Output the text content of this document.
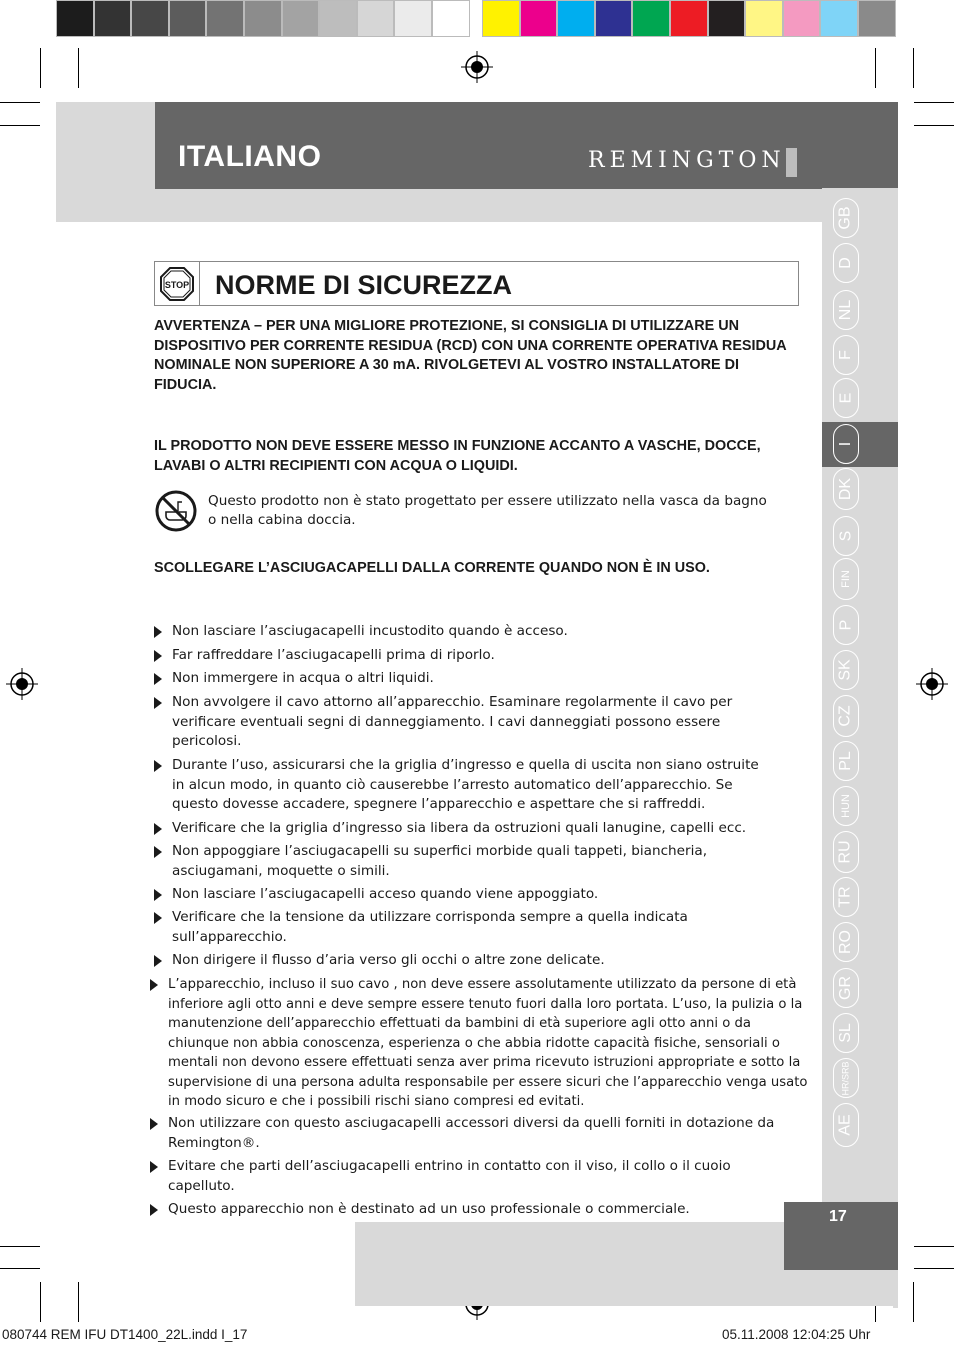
ITALIANO	REMINGTON
GB
D
NL
F
E
I
DK
S
FIN
P
SK
CZ
PL
HUN
RU
TR
RO
GR
SL
HR/SRB
AE
17
STOP NORME DI SICUREZZA
AVVERTENZA – PER UNA MIGLIORE PROTEZIONE, SI CONSIGLIA DI UTILIZZARE UN DISPOSITIVO PER CORRENTE RESIDUA (RCD) CON UNA CORRENTE OPERATIVA RESIDUA NOMINALE NON SUPERIORE A 30 mA. RIVOLGETEVI AL VOSTRO INSTALLATORE DI FIDUCIA.
IL PRODOTTO NON DEVE ESSERE MESSO IN FUNZIONE ACCANTO A VASCHE, DOCCE, LAVABI O ALTRI RECIPIENTI CON ACQUA O LIQUIDI.
Questo prodotto non è stato progettato per essere utilizzato nella vasca da bagno o nella cabina doccia.
SCOLLEGARE L’ASCIUGACAPELLI DALLA CORRENTE QUANDO NON È IN USO.
Non lasciare l’asciugacapelli incustodito quando è acceso.
Far raffreddare l’asciugacapelli prima di riporlo.
Non immergere in acqua o altri liquidi.
Non avvolgere il cavo attorno all’apparecchio. Esaminare regolarmente il cavo per verificare eventuali segni di danneggiamento. I cavi danneggiati possono essere pericolosi.
Durante l’uso, assicurarsi che la griglia d’ingresso e quella di uscita non siano ostruite in alcun modo, in quanto ciò causerebbe l’arresto automatico dell’apparecchio. Se questo dovesse accadere, spegnere l’apparecchio e aspettare che si raffreddi.
Verificare che la griglia d’ingresso sia libera da ostruzioni quali lanugine, capelli ecc.
Non appoggiare l’asciugacapelli su superfici morbide quali tappeti, biancheria, asciugamani, moquette o simili.
Non lasciare l’asciugacapelli acceso quando viene appoggiato.
Verificare che la tensione da utilizzare corrisponda sempre a quella indicata sull’apparecchio.
Non dirigere il flusso d’aria verso gli occhi o altre zone delicate.
L’apparecchio, incluso il suo cavo , non deve essere assolutamente utilizzato da persone di età inferiore agli otto anni e deve sempre essere tenuto fuori dalla loro portata. L’uso, la pulizia o la manutenzione dell’apparecchio effettuati da bambini di età superiore agli otto anni o da chiunque non abbia conoscenza, esperienza o che abbia ridotte capacità fisiche, sensoriali o mentali non devono essere effettuati senza aver prima ricevuto istruzioni appropriate e sotto la supervisione di una persona adulta responsabile per essere sicuri che l’apparecchio venga usato in modo sicuro e che i possibili rischi siano compresi ed evitati.
Non utilizzare con questo asciugacapelli accessori diversi da quelli forniti in dotazione da Remington®.
Evitare che parti dell’asciugacapelli entrino in contatto con il viso, il collo o il cuoio capelluto.
Questo apparecchio non è destinato ad un uso professionale o commerciale.
080744 REM IFU DT1400_22L.indd I_17	05.11.2008 12:04:25 Uhr
